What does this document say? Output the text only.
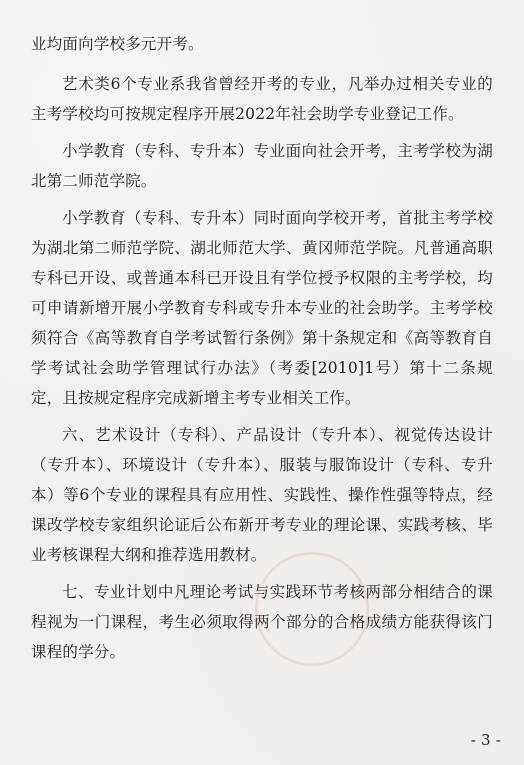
业均面向学校多元开考。

艺术类6个专业系我省曾经开考的专业，凡举办过相关专业的主考学校均可按规定程序开展2022年社会助学专业登记工作。

小学教育（专科、专升本）专业面向社会开考，主考学校为湖北第二师范学院。

小学教育（专科、专升本）同时面向学校开考，首批主考学校为湖北第二师范学院、湖北师范大学、黄冈师范学院。凡普通高职专科已开设、或普通本科已开设且有学位授予权限的主考学校，均可申请新增开展小学教育专科或专升本专业的社会助学。主考学校须符合《高等教育自学考试暂行条例》第十条规定和《高等教育自学考试社会助学管理试行办法》（考委[2010]1号）第十二条规定，且按规定程序完成新增主考专业相关工作。

六、艺术设计（专科）、产品设计（专升本）、视觉传达设计（专升本）、环境设计（专升本）、服装与服饰设计（专科、专升本）等6个专业的课程具有应用性、实践性、操作性强等特点，经课改学校专家组织论证后公布新开考专业的理论课、实践考核、毕业考核课程大纲和推荐选用教材。

七、专业计划中凡理论考试与实践环节考核两部分相结合的课程视为一门课程，考生必须取得两个部分的合格成绩方能获得该门课程的学分。

- 3 -
